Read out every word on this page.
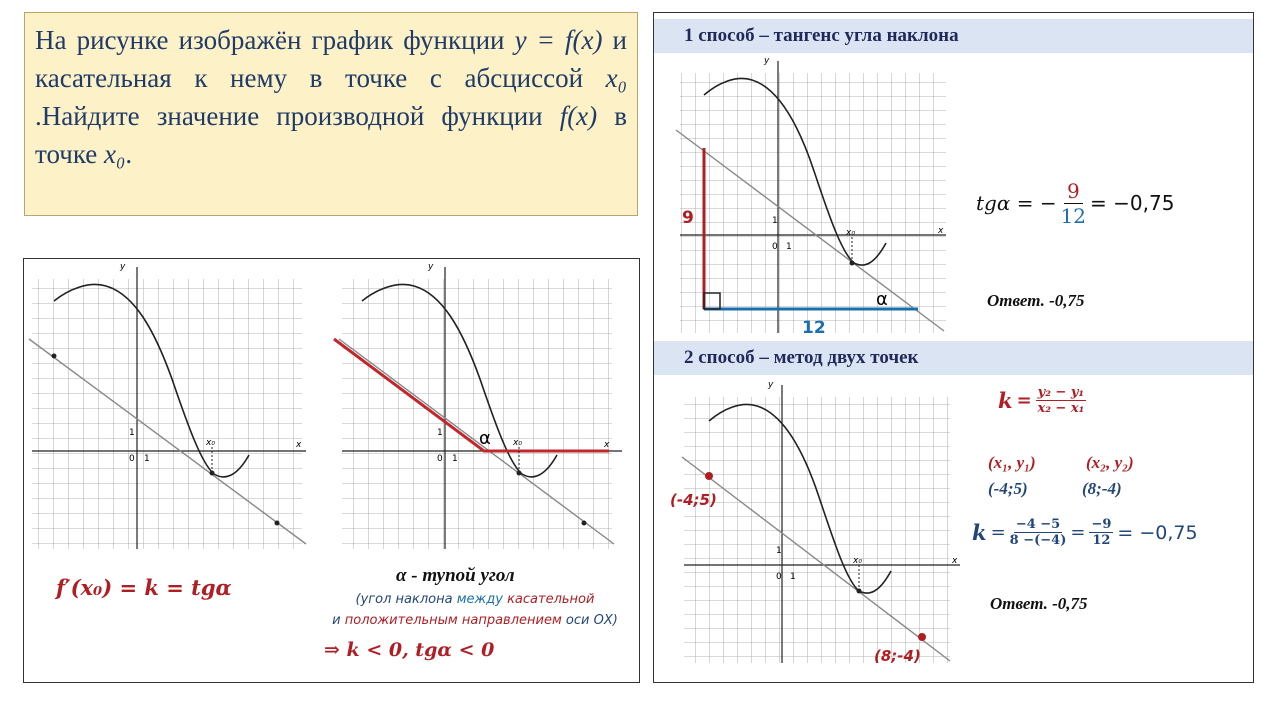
На рисунке изображён график функции y = f(x) и касательная к нему в точке с абсциссой x₀ .Найдите значение производной функции f(x) в точке x₀.
y
x
x₀
0 1
1	α
y
x
x₀
0 1
1
f′(x₀) = k = tgα	α - тупой угол
(угол наклона между касательной
и положительным направлением оси ОХ)
⇒ k < 0, tgα < 0
1 способ – тангенс угла наклона
2 способ – метод двух точек
x₀
y
x
0 1
1
9
12
α
x₀
y
x
0 1
1
(-4;5)
(8;-4)
tgα = − $\frac{9}{12} = -0,75$
Ответ. -0,75
$k = \frac{\text{y₂ − y₁}}{\text{x₂ − x₁}}$
(x₁, y₁)	(x₂, y₂)
(-4;5)	(8;-4)
$k = \frac{-4 -5}{8 -(-4)} = \frac{-9}{12} = -0,75$
Ответ. -0,75
